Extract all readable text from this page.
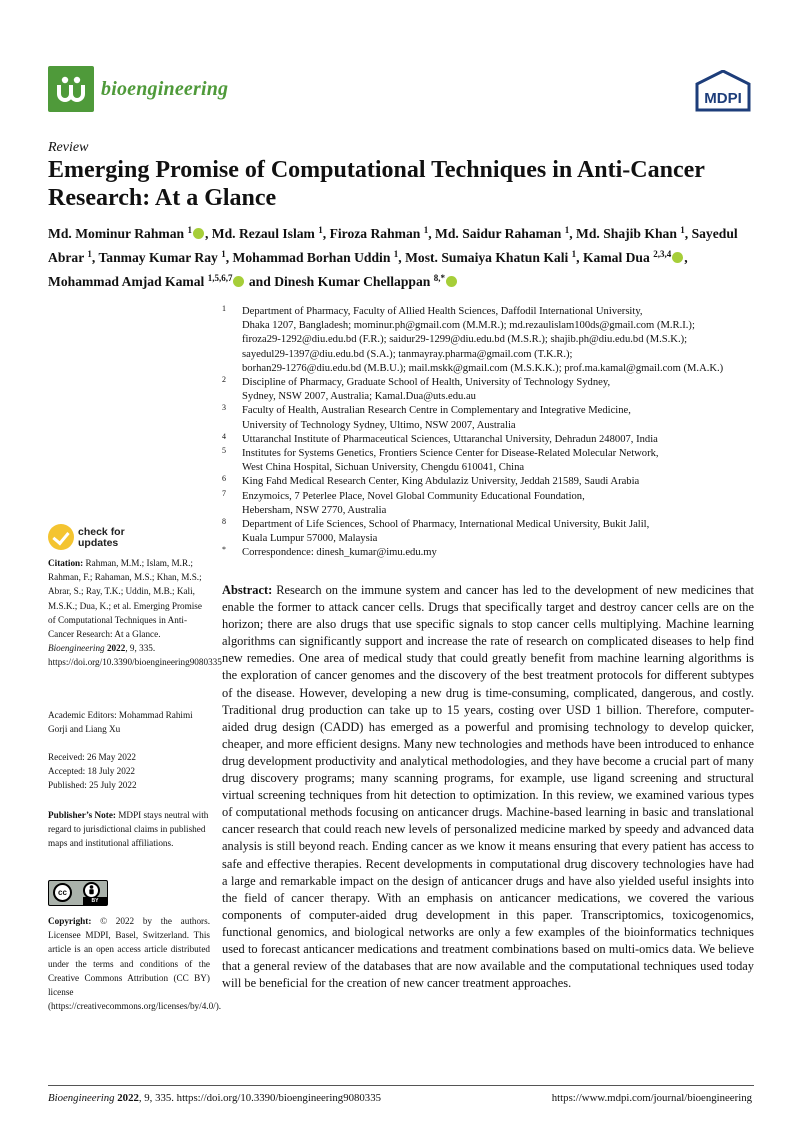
bioengineering	MDPI
Review
Emerging Promise of Computational Techniques in Anti-Cancer Research: At a Glance
Md. Mominur Rahman $^1$ , Md. Rezaul Islam $^1$, Firoza Rahman $^1$, Md. Saidur Rahaman $^1$, Md. Shajib Khan $^1$, Sayedul Abrar $^1$, Tanmay Kumar Ray $^1$, Mohammad Borhan Uddin $^1$, Most. Sumaiya Khatun Kali $^1$, Kamal Dua $^{2,3,4}$ , Mohammad Amjad Kamal $^{1,5,6,7}$ and Dinesh Kumar Chellappan $^{8,*}$
1 Department of Pharmacy, Faculty of Allied Health Sciences, Daffodil International University,
Dhaka 1207, Bangladesh; mominur.ph@gmail.com (M.M.R.); md.rezaulislam100ds@gmail.com (M.R.I.);
firoza29-1292@diu.edu.bd (F.R.); saidur29-1299@diu.edu.bd (M.S.R.); shajib.ph@diu.edu.bd (M.S.K.);
sayedul29-1397@diu.edu.bd (S.A.); tanmayray.pharma@gmail.com (T.K.R.);
borhan29-1276@diu.edu.bd (M.B.U.); mail.mskk@gmail.com (M.S.K.K.); prof.ma.kamal@gmail.com (M.A.K.)
2 Discipline of Pharmacy, Graduate School of Health, University of Technology Sydney,
Sydney, NSW 2007, Australia; Kamal.Dua@uts.edu.au
3 Faculty of Health, Australian Research Centre in Complementary and Integrative Medicine,
University of Technology Sydney, Ultimo, NSW 2007, Australia
4 Uttaranchal Institute of Pharmaceutical Sciences, Uttaranchal University, Dehradun 248007, India
5 Institutes for Systems Genetics, Frontiers Science Center for Disease-Related Molecular Network,
West China Hospital, Sichuan University, Chengdu 610041, China
6 King Fahd Medical Research Center, King Abdulaziz University, Jeddah 21589, Saudi Arabia
7 Enzymoics, 7 Peterlee Place, Novel Global Community Educational Foundation,
Hebersham, NSW 2770, Australia
8 Department of Life Sciences, School of Pharmacy, International Medical University, Bukit Jalil,
Kuala Lumpur 57000, Malaysia
* Correspondence: dinesh_kumar@imu.edu.my
check for
updates
Citation: Rahman, M.M.; Islam, M.R.; Rahman, F.; Rahaman, M.S.; Khan, M.S.; Abrar, S.; Ray, T.K.; Uddin, M.B.; Kali, M.S.K.; Dua, K.; et al. Emerging Promise of Computational Techniques in Anti-Cancer Research: At a Glance. Bioengineering 2022, 9, 335. https://doi.org/10.3390/bioengineering9080335
Academic Editors: Mohammad Rahimi Gorji and Liang Xu
Received: 26 May 2022
Accepted: 18 July 2022
Published: 25 July 2022
Publisher’s Note: MDPI stays neutral with regard to jurisdictional claims in published maps and institutional affiliations.
cc
BY
Copyright: © 2022 by the authors. Licensee MDPI, Basel, Switzerland. This article is an open access article distributed under the terms and conditions of the Creative Commons Attribution (CC BY) license (https://creativecommons.org/licenses/by/4.0/).
Abstract: Research on the immune system and cancer has led to the development of new medicines that enable the former to attack cancer cells. Drugs that specifically target and destroy cancer cells are on the horizon; there are also drugs that use specific signals to stop cancer cells multiplying. Machine learning algorithms can significantly support and increase the rate of research on complicated diseases to help find new remedies. One area of medical study that could greatly benefit from machine learning algorithms is the exploration of cancer genomes and the discovery of the best treatment protocols for different subtypes of the disease. However, developing a new drug is time-consuming, complicated, dangerous, and costly. Traditional drug production can take up to 15 years, costing over USD 1 billion. Therefore, computer-aided drug design (CADD) has emerged as a powerful and promising technology to develop quicker, cheaper, and more efficient designs. Many new technologies and methods have been introduced to enhance drug development productivity and analytical methodologies, and they have become a crucial part of many drug discovery programs; many scanning programs, for example, use ligand screening and structural virtual screening techniques from hit detection to optimization. In this review, we examined various types of computational methods focusing on anticancer drugs. Machine-based learning in basic and translational cancer research that could reach new levels of personalized medicine marked by speedy and advanced data analysis is still beyond reach. Ending cancer as we know it means ensuring that every patient has access to safe and effective therapies. Recent developments in computational drug discovery technologies have had a large and remarkable impact on the design of anticancer drugs and have also yielded useful insights into the field of cancer therapy. With an emphasis on anticancer medications, we covered the various components of computer-aided drug development in this paper. Transcriptomics, toxicogenomics, functional genomics, and biological networks are only a few examples of the bioinformatics techniques used to forecast anticancer medications and treatment combinations based on multi-omics data. We believe that a general review of the databases that are now available and the computational techniques used today will be beneficial for the creation of new cancer treatment approaches.
Bioengineering 2022, 9, 335. https://doi.org/10.3390/bioengineering9080335	https://www.mdpi.com/journal/bioengineering
